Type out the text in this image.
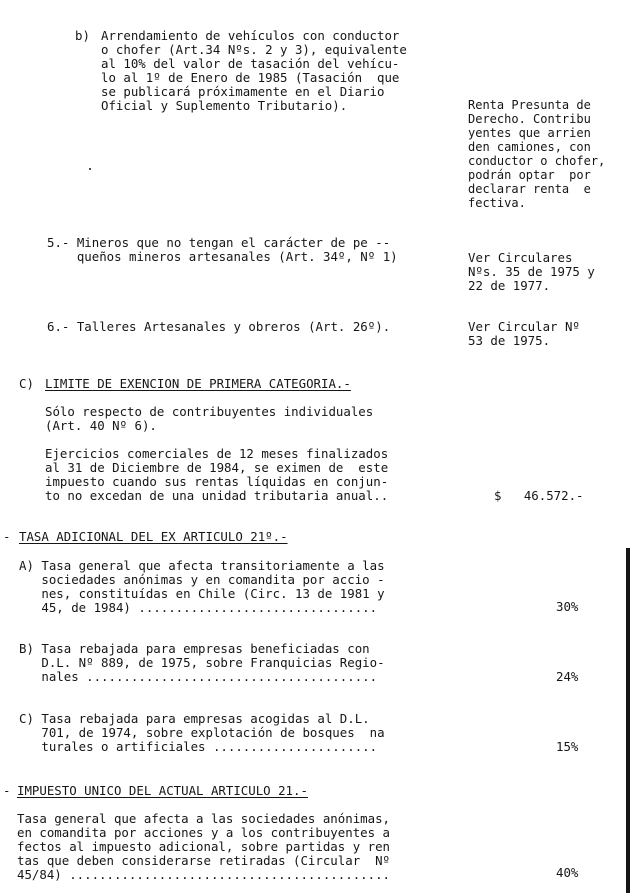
b) Arrendamiento de vehículos con conductor
o chofer (Art.34 Nºs. 2 y 3), equivalente
al 10% del valor de tasación del vehícu-
lo al 1º de Enero de 1985 (Tasación  que
se publicará próximamente en el Diario
Oficial y Suplemento Tributario).	Renta Presunta de
Derecho. Contribu
yentes que arrien
den camiones, con
conductor o chofer,
podrán optar  por
declarar renta  e
fectiva.
5.- Mineros que no tengan el carácter de pe --
queños mineros artesanales (Art. 34º, Nº 1)	Ver Circulares
Nºs. 35 de 1975 y
22 de 1977.
6.- Talleres Artesanales y obreros (Art. 26º).	Ver Circular Nº
53 de 1975.
C) LIMITE DE EXENCION DE PRIMERA CATEGORIA.-
Sólo respecto de contribuyentes individuales
(Art. 40 Nº 6).
Ejercicios comerciales de 12 meses finalizados
al 31 de Diciembre de 1984, se eximen de  este
impuesto cuando sus rentas líquidas en conjun-
to no excedan de una unidad tributaria anual..	$   46.572.-
- TASA ADICIONAL DEL EX ARTICULO 21º.-
A) Tasa general que afecta transitoriamente a las
sociedades anónimas y en comandita por accio -
nes, constituídas en Chile (Circ. 13 de 1981 y
45, de 1984) ................................	30%
B) Tasa rebajada para empresas beneficiadas con
D.L. Nº 889, de 1975, sobre Franquicias Regio-
nales .......................................	24%
C) Tasa rebajada para empresas acogidas al D.L.
701, de 1974, sobre explotación de bosques  na
turales o artificiales ......................	15%
- IMPUESTO UNICO DEL ACTUAL ARTICULO 21.-
Tasa general que afecta a las sociedades anónimas,
en comandita por acciones y a los contribuyentes a
fectos al impuesto adicional, sobre partidas y ren
tas que deben considerarse retiradas (Circular  Nº
45/84) ...........................................	40%
